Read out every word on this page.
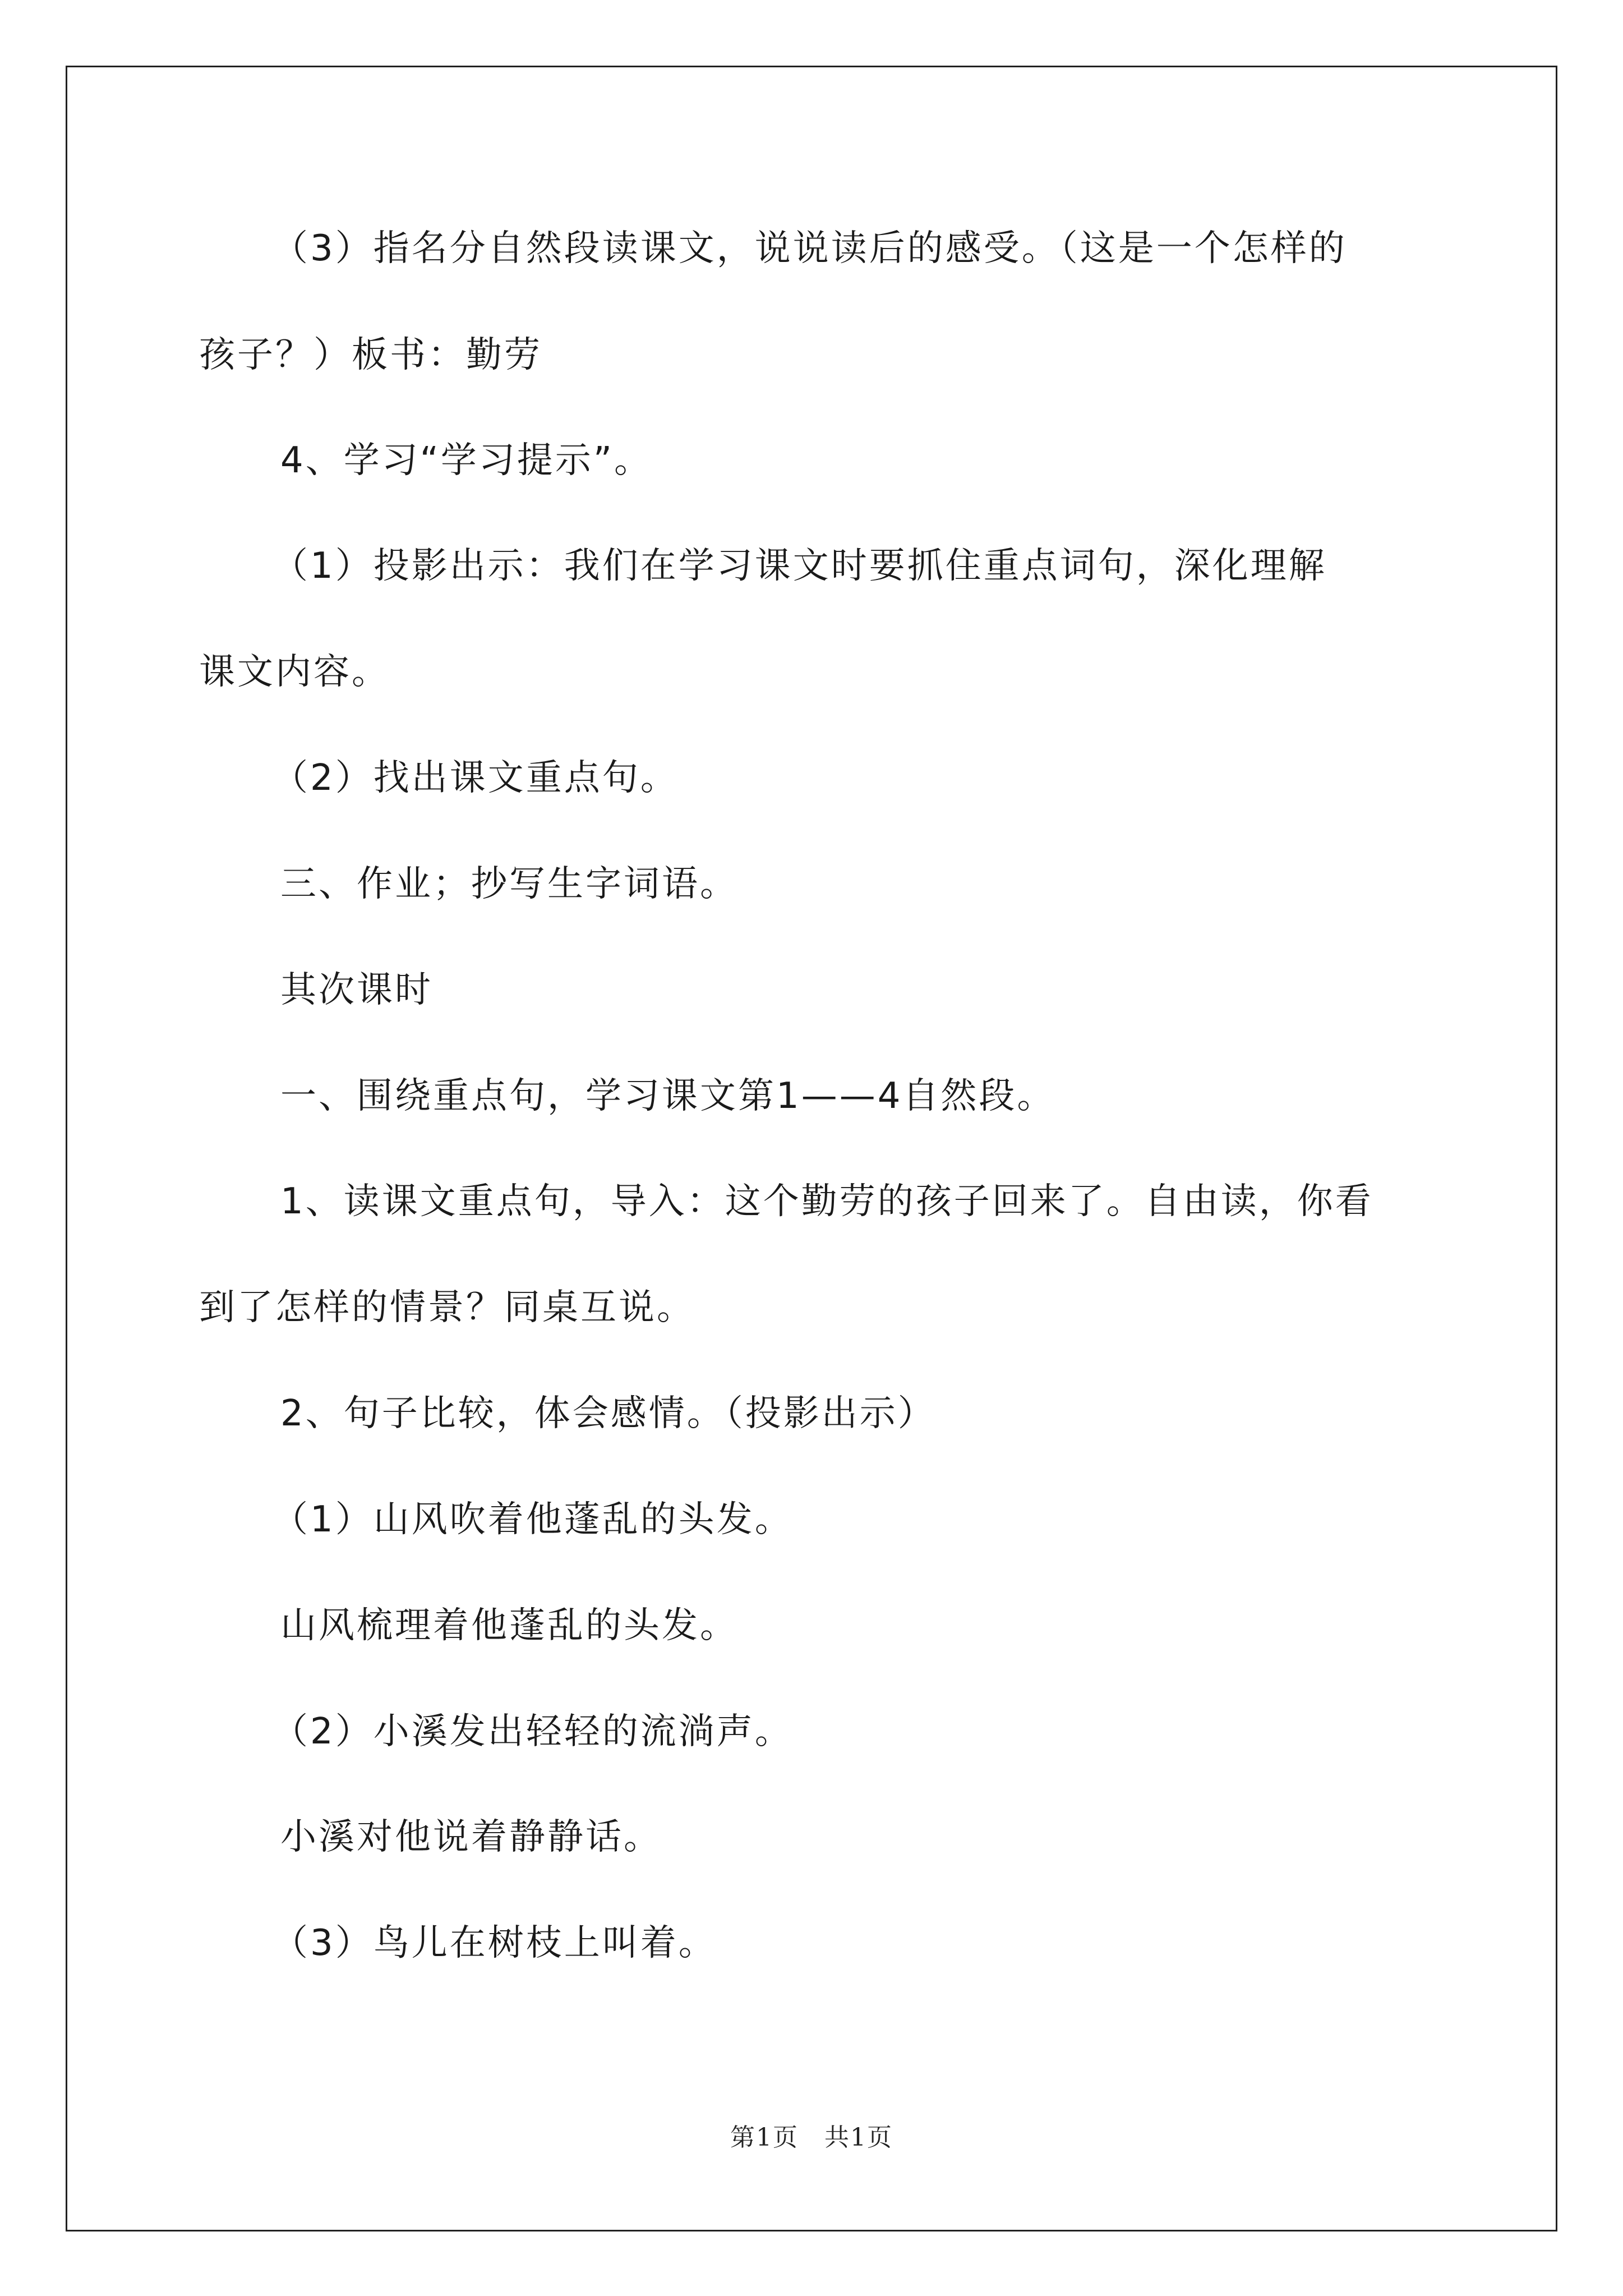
（3）指名分自然段读课文，说说读后的感受。（这是一个怎样的
孩子？）板书：勤劳
4、学习“学习提示”。
（1）投影出示：我们在学习课文时要抓住重点词句，深化理解
课文内容。
（2）找出课文重点句。
三、作业；抄写生字词语。
其次课时
一、围绕重点句，学习课文第1——4自然段。
1、读课文重点句，导入：这个勤劳的孩子回来了。自由读，你看
到了怎样的情景？同桌互说。
2、句子比较，体会感情。（投影出示）
（1）山风吹着他蓬乱的头发。
山风梳理着他蓬乱的头发。
（2）小溪发出轻轻的流淌声。
小溪对他说着静静话。
（3）鸟儿在树枝上叫着。
第1页　共1页
